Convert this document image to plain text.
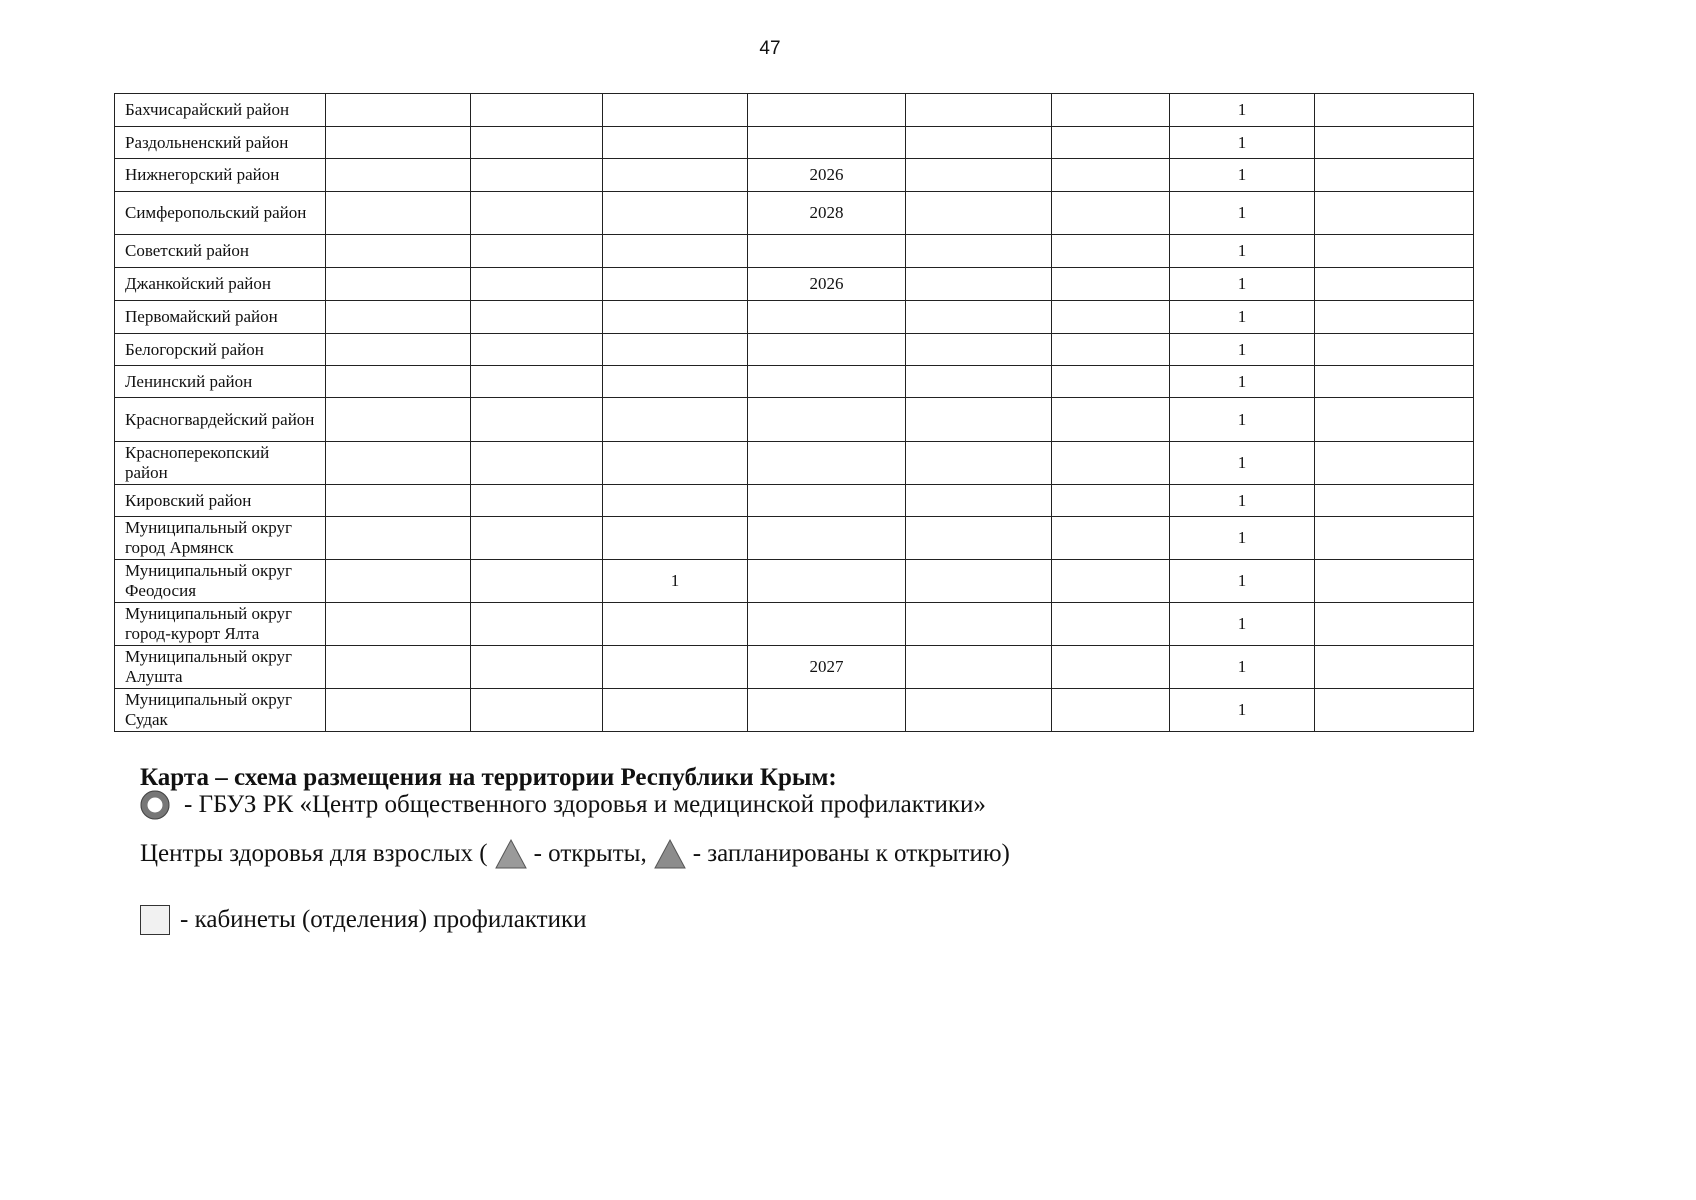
47
Бахчисарайский район							1	
Раздольненский район							1	
Нижнегорский район				2026			1	
Симферопольский район				2028			1	
Советский район							1	
Джанкойский район				2026			1	
Первомайский район							1	
Белогорский район							1	
Ленинский район							1	
Красногвардейский район							1	
Красноперекопский район							1	
Кировский район							1	
Муниципальный округ город Армянск							1	
Муниципальный округ Феодосия			1				1	
Муниципальный округ город-курорт Ялта							1	
Муниципальный округ Алушта				2027			1	
Муниципальный округ Судак							1	
Карта – схема размещения на территории Республики Крым:
- ГБУЗ РК «Центр общественного здоровья и медицинской профилактики»
Центры здоровья для взрослых ( - открыты, - запланированы к открытию)
- кабинеты (отделения) профилактики
